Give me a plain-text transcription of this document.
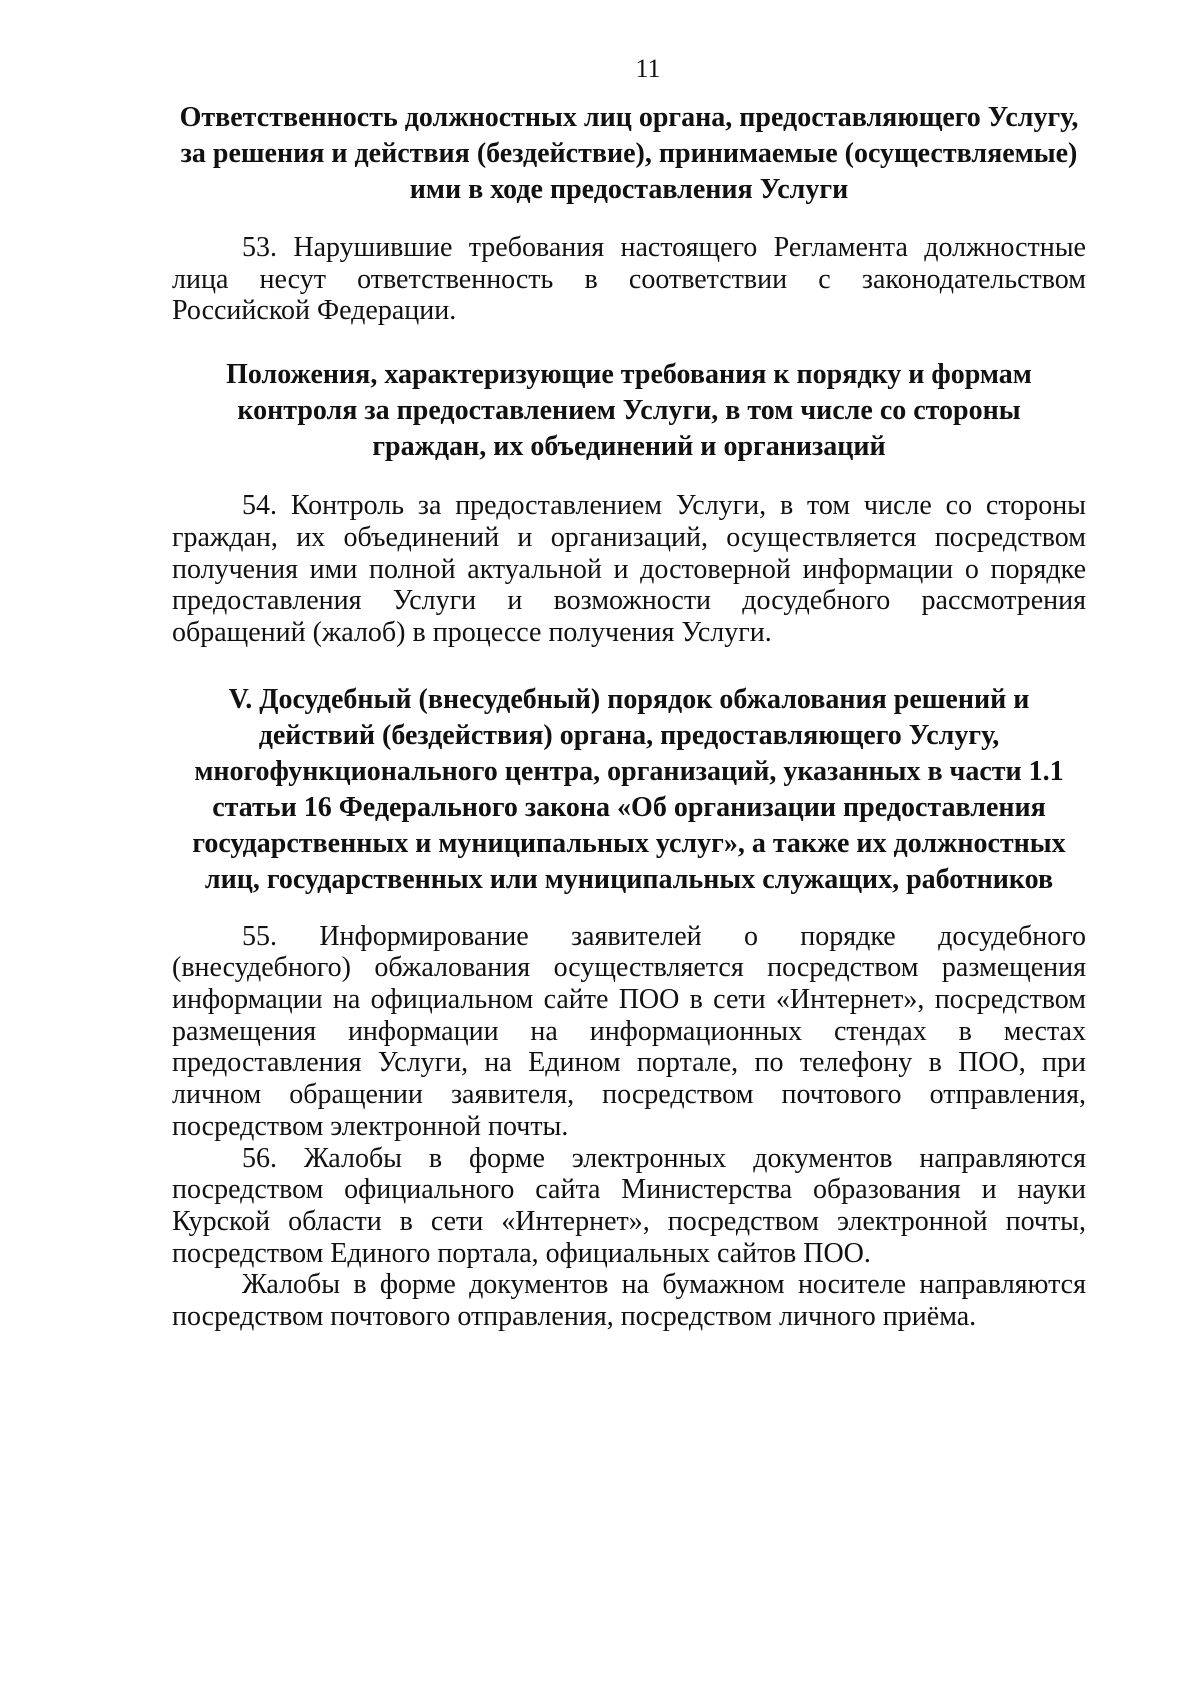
11
Ответственность должностных лиц органа, предоставляющего Услугу,
за решения и действия (бездействие), принимаемые (осуществляемые)
ими в ходе предоставления Услуги
53. Нарушившие требования настоящего Регламента должностные
лица несут ответственность в соответствии с законодательством
Российской Федерации.
Положения, характеризующие требования к порядку и формам
контроля за предоставлением Услуги, в том числе со стороны
граждан, их объединений и организаций
54. Контроль за предоставлением Услуги, в том числе со стороны
граждан, их объединений и организаций, осуществляется посредством
получения ими полной актуальной и достоверной информации о порядке
предоставления Услуги и возможности досудебного рассмотрения
обращений (жалоб) в процессе получения Услуги.
V. Досудебный (внесудебный) порядок обжалования решений и
действий (бездействия) органа, предоставляющего Услугу,
многофункционального центра, организаций, указанных в части 1.1
статьи 16 Федерального закона «Об организации предоставления
государственных и муниципальных услуг», а также их должностных
лиц, государственных или муниципальных служащих, работников
55. Информирование заявителей о порядке досудебного
(внесудебного) обжалования осуществляется посредством размещения
информации на официальном сайте ПОО в сети «Интернет», посредством
размещения информации на информационных стендах в местах
предоставления Услуги, на Едином портале, по телефону в ПОО, при
личном обращении заявителя, посредством почтового отправления,
посредством электронной почты.
56. Жалобы в форме электронных документов направляются
посредством официального сайта Министерства образования и науки
Курской области в сети «Интернет», посредством электронной почты,
посредством Единого портала, официальных сайтов ПОО.
Жалобы в форме документов на бумажном носителе направляются
посредством почтового отправления, посредством личного приёма.
